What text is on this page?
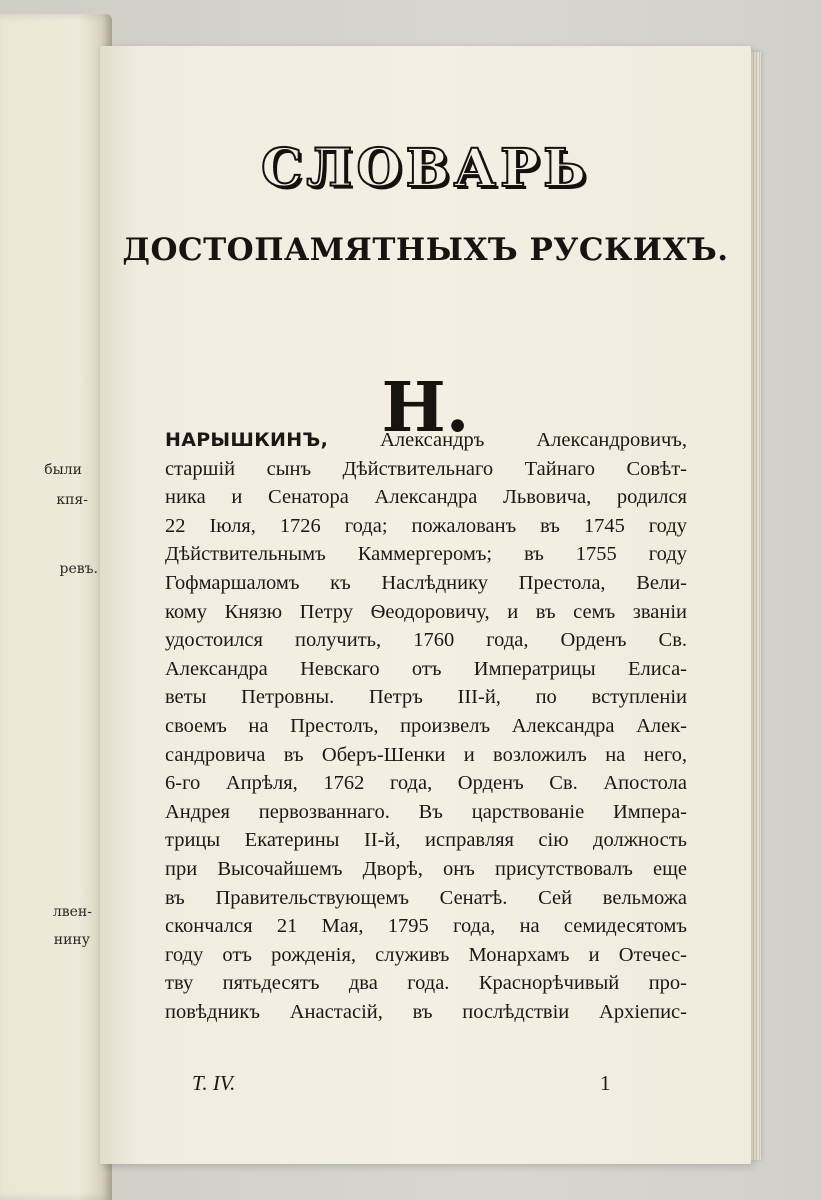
были
кпя-
ревъ.
лвен-
нину
СЛОВАРЬ
ДОСТОПАМЯТНЫХЪ РУСКИХЪ.
Н.
НАРЫШКИНЪ, Александръ Александровичъ,
старшій сынъ Дѣйствительнаго Тайнаго Совѣт-
ника и Сенатора Александра Львовича, родился
22 Іюля, 1726 года; пожалованъ въ 1745 году
Дѣйствительнымъ Каммергеромъ; въ 1755 году
Гофмаршаломъ къ Наслѣднику Престола, Вели-
кому Князю Петру Ѳеодоровичу, и въ семъ званіи
удостоился получить, 1760 года, Орденъ Св.
Александра Невскаго отъ Императрицы Елиса-
веты Петровны. Петръ III-й, по вступленіи
своемъ на Престолъ, произвелъ Александра Алек-
сандровича въ Оберъ-Шенки и возложилъ на него,
6-го Апрѣля, 1762 года, Орденъ Св. Апостола
Андрея первозваннаго. Въ царствованіе Импера-
трицы Екатерины II-й, исправляя сію должность
при Высочайшемъ Дворѣ, онъ присутствовалъ еще
въ Правительствующемъ Сенатѣ. Сей вельможа
скончался 21 Мая, 1795 года, на семидесятомъ
году отъ рожденія, служивъ Монархамъ и Отечес-
тву пятьдесятъ два года. Краснорѣчивый про-
повѣдникъ Анастасій, въ послѣдствіи Архіепис-
Т. IV.	1
